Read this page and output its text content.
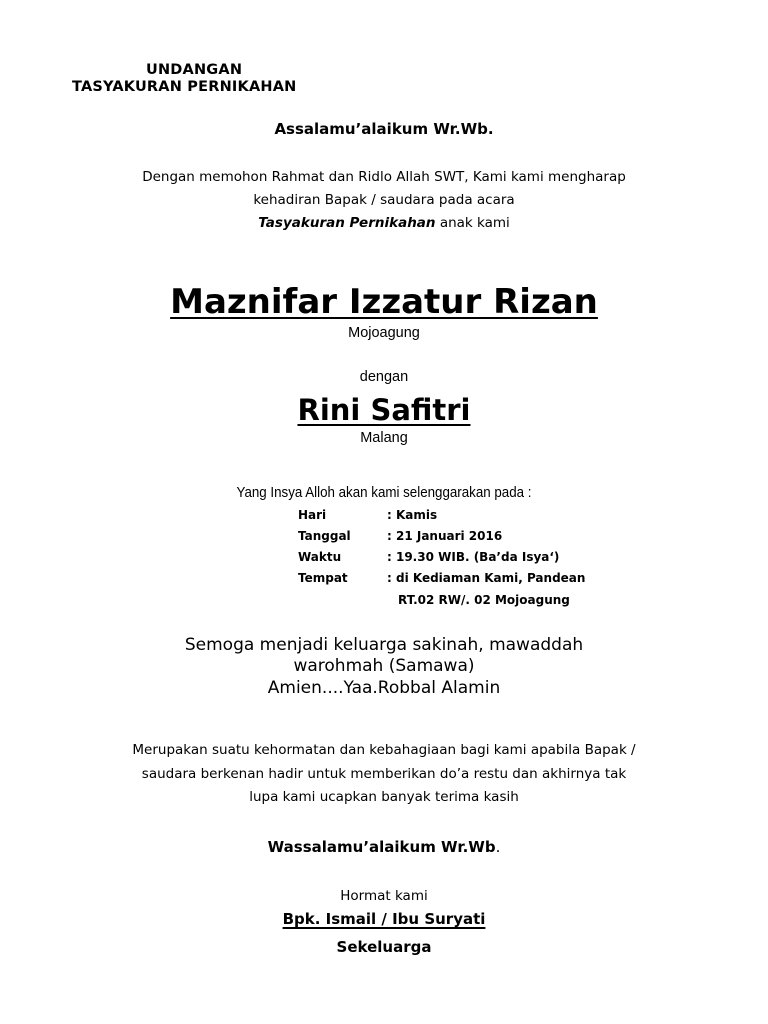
UNDANGAN
TASYAKURAN PERNIKAHAN
Assalamu’alaikum Wr.Wb.
Dengan memohon Rahmat dan Ridlo Allah SWT, Kami kami mengharap
kehadiran Bapak / saudara pada acara
Tasyakuran Pernikahan anak kami
Maznifar Izzatur Rizan
Mojoagung
dengan
Rini Safitri
Malang
Yang Insya Alloh akan kami selenggarakan pada :
Hari	: Kamis
Tanggal	: 21 Januari 2016
Waktu	: 19.30 WIB. (Ba’da Isya‘)
Tempat	: di Kediaman Kami, Pandean
RT.02 RW/. 02 Mojoagung
Semoga menjadi keluarga sakinah, mawaddah
warohmah (Samawa)
Amien....Yaa.Robbal Alamin
Merupakan suatu kehormatan dan kebahagiaan bagi kami apabila Bapak /
saudara berkenan hadir untuk memberikan do’a restu dan akhirnya tak
lupa kami ucapkan banyak terima kasih
Wassalamu’alaikum Wr.Wb.
Hormat kami
Bpk. Ismail / Ibu Suryati
Sekeluarga
